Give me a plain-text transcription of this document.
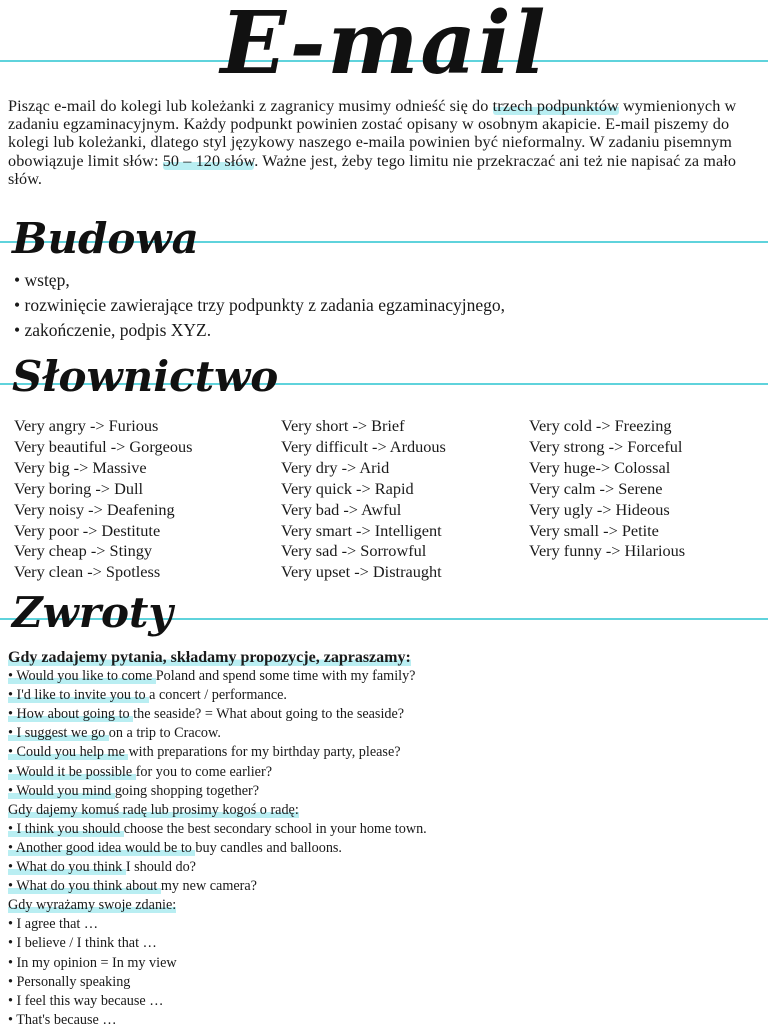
E-mail
Pisząc e-mail do kolegi lub koleżanki z zagranicy musimy odnieść się do trzech podpunktów wymienionych w zadaniu egzaminacyjnym. Każdy podpunkt powinien zostać opisany w osobnym akapicie. E-mail piszemy do kolegi lub koleżanki, dlatego styl językowy naszego e-maila powinien być nieformalny. W zadaniu pisemnym obowiązuje limit słów: 50 – 120 słów. Ważne jest, żeby tego limitu nie przekraczać ani też nie napisać za mało słów.
Budowa
• wstęp,
• rozwinięcie zawierające trzy podpunkty z zadania egzaminacyjnego,
• zakończenie, podpis XYZ.
Słownictwo
Very angry -> Furious
Very beautiful -> Gorgeous
Very big -> Massive
Very boring -> Dull
Very noisy -> Deafening
Very poor -> Destitute
Very cheap -> Stingy
Very clean -> Spotless
Very short -> Brief
Very difficult -> Arduous
Very dry -> Arid
Very quick -> Rapid
Very bad -> Awful
Very smart -> Intelligent
Very sad -> Sorrowful
Very upset -> Distraught
Very cold -> Freezing
Very strong -> Forceful
Very huge-> Colossal
Very calm -> Serene
Very ugly -> Hideous
Very small -> Petite
Very funny -> Hilarious
Zwroty
Gdy zadajemy pytania, składamy propozycje, zapraszamy:
• Would you like to come Poland and spend some time with my family?
• I'd like to invite you to a concert / performance.
• How about going to the seaside? = What about going to the seaside?
• I suggest we go on a trip to Cracow.
• Could you help me with preparations for my birthday party, please?
• Would it be possible for you to come earlier?
• Would you mind going shopping together?
Gdy dajemy komuś radę lub prosimy kogoś o radę:
• I think you should choose the best secondary school in your home town.
• Another good idea would be to buy candles and balloons.
• What do you think I should do?
• What do you think about my new camera?
Gdy wyrażamy swoje zdanie:
• I agree that …
• I believe / I think that …
• In my opinion = In my view
• Personally speaking
• I feel this way because …
• That's because …
